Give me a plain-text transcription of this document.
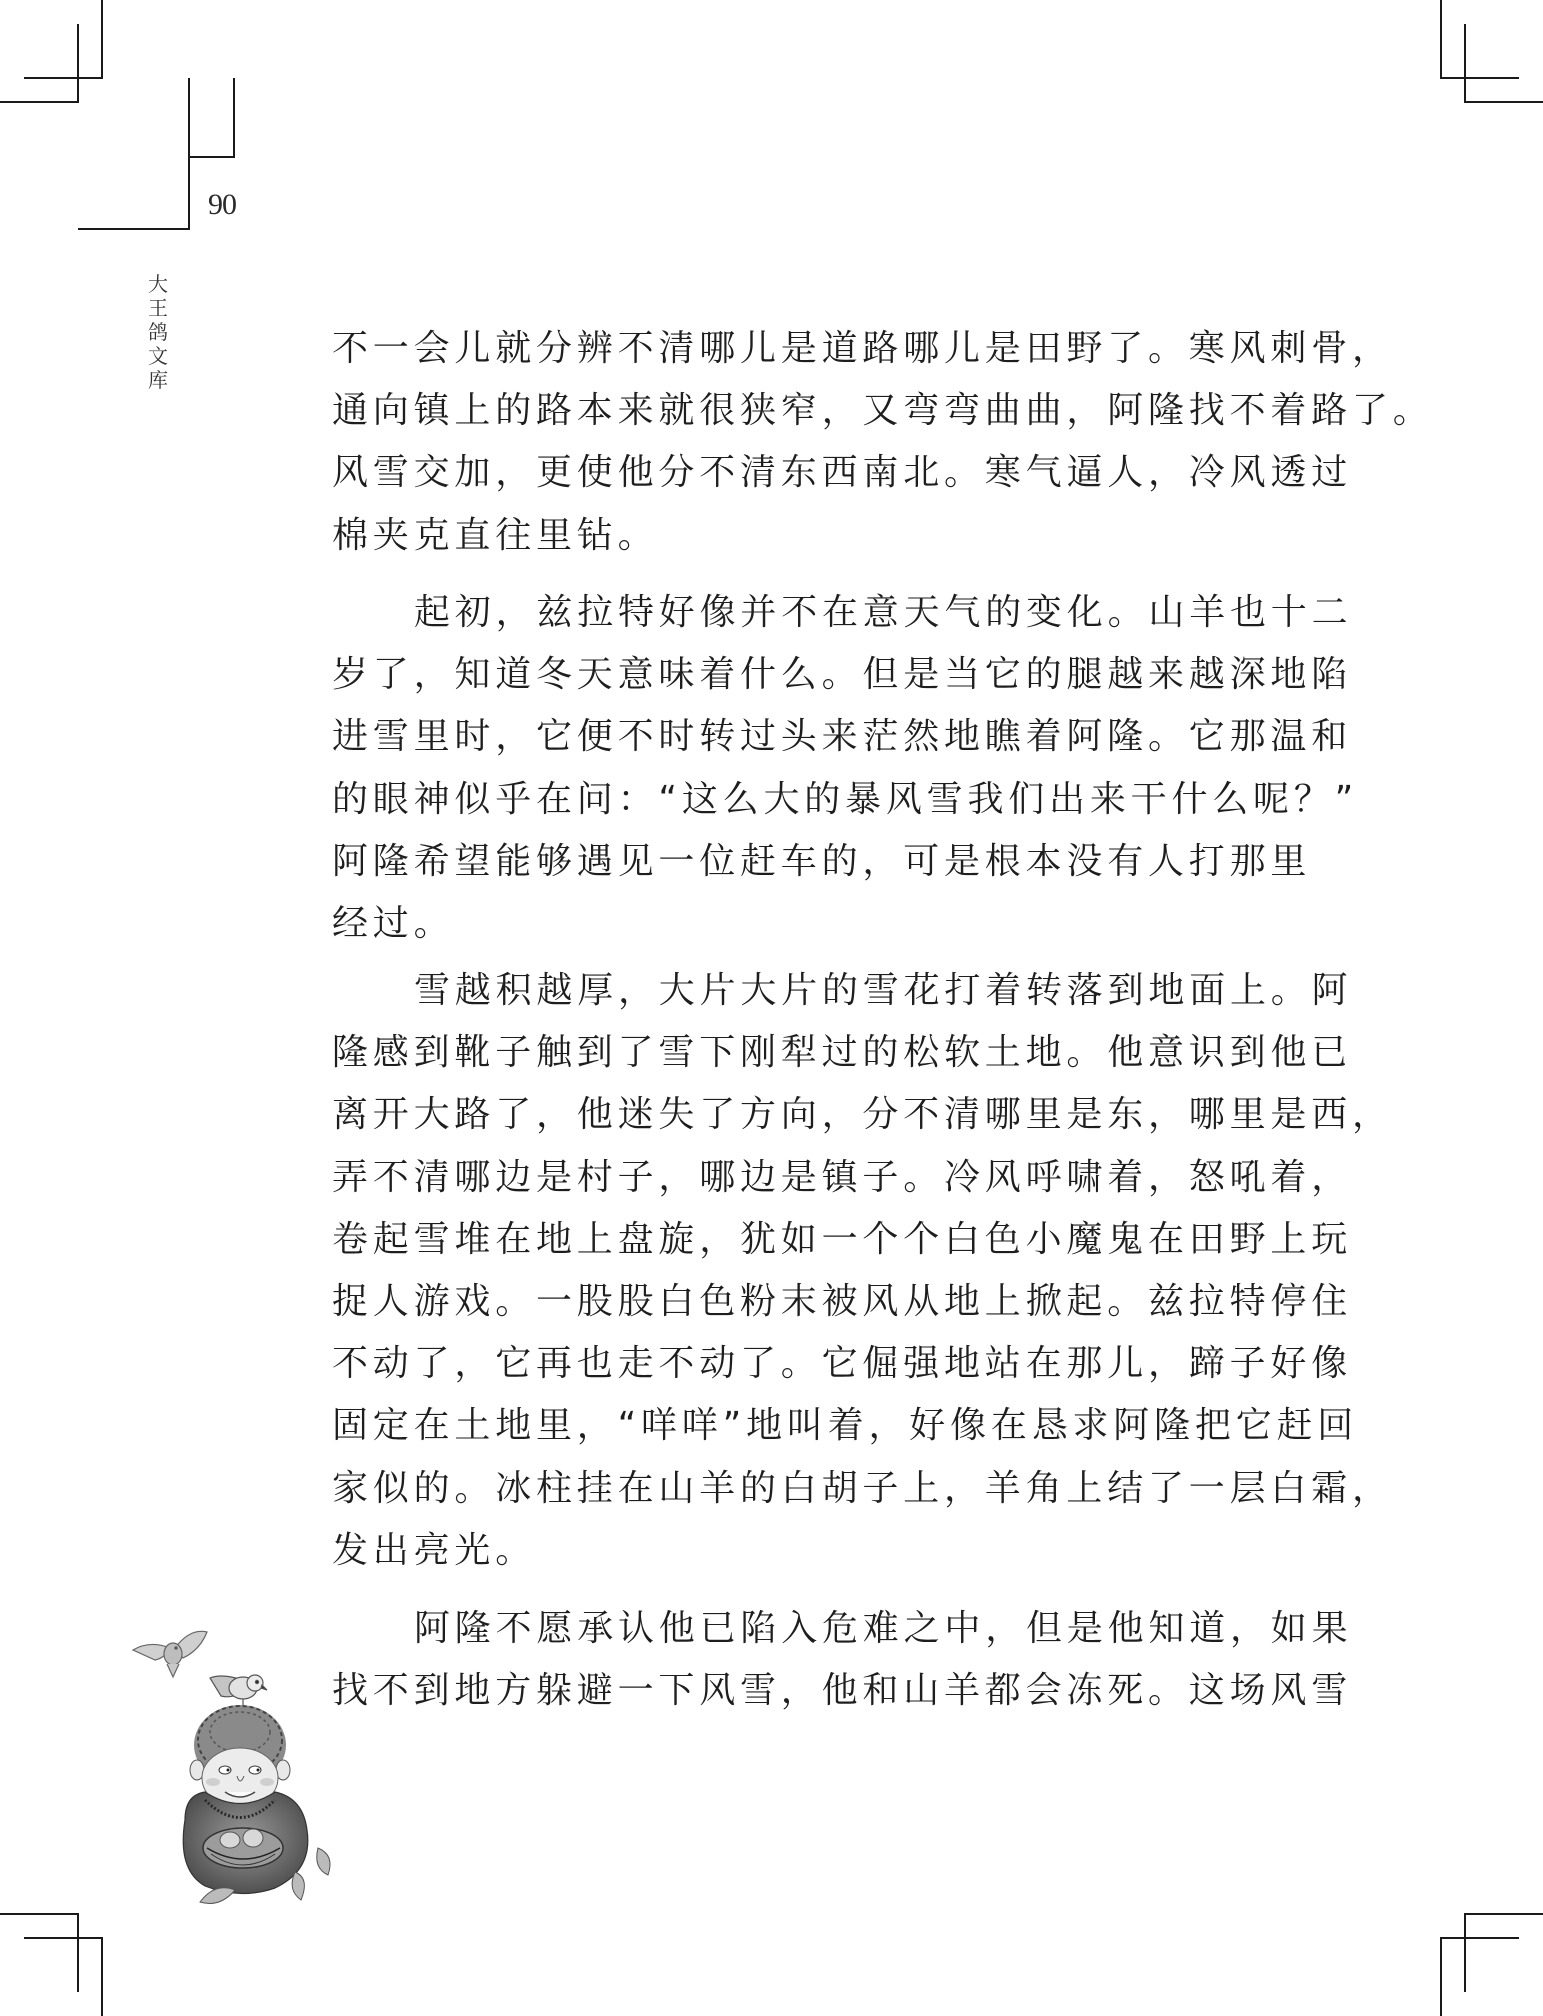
90
大
王
鸽
文
库
不一会儿就分辨不清哪儿是道路哪儿是田野了。寒风刺骨，
通向镇上的路本来就很狭窄，又弯弯曲曲，阿隆找不着路了。
风雪交加，更使他分不清东西南北。寒气逼人，冷风透过
棉夹克直往里钻。
起初，兹拉特好像并不在意天气的变化。山羊也十二
岁了，知道冬天意味着什么。但是当它的腿越来越深地陷
进雪里时，它便不时转过头来茫然地瞧着阿隆。它那温和
的眼神似乎在问：“这么大的暴风雪我们出来干什么呢？”
阿隆希望能够遇见一位赶车的，可是根本没有人打那里
经过。
雪越积越厚，大片大片的雪花打着转落到地面上。阿
隆感到靴子触到了雪下刚犁过的松软土地。他意识到他已
离开大路了，他迷失了方向，分不清哪里是东，哪里是西，
弄不清哪边是村子，哪边是镇子。冷风呼啸着，怒吼着，
卷起雪堆在地上盘旋，犹如一个个白色小魔鬼在田野上玩
捉人游戏。一股股白色粉末被风从地上掀起。兹拉特停住
不动了，它再也走不动了。它倔强地站在那儿，蹄子好像
固定在土地里，“咩咩”地叫着，好像在恳求阿隆把它赶回
家似的。冰柱挂在山羊的白胡子上，羊角上结了一层白霜，
发出亮光。
阿隆不愿承认他已陷入危难之中，但是他知道，如果
找不到地方躲避一下风雪，他和山羊都会冻死。这场风雪
